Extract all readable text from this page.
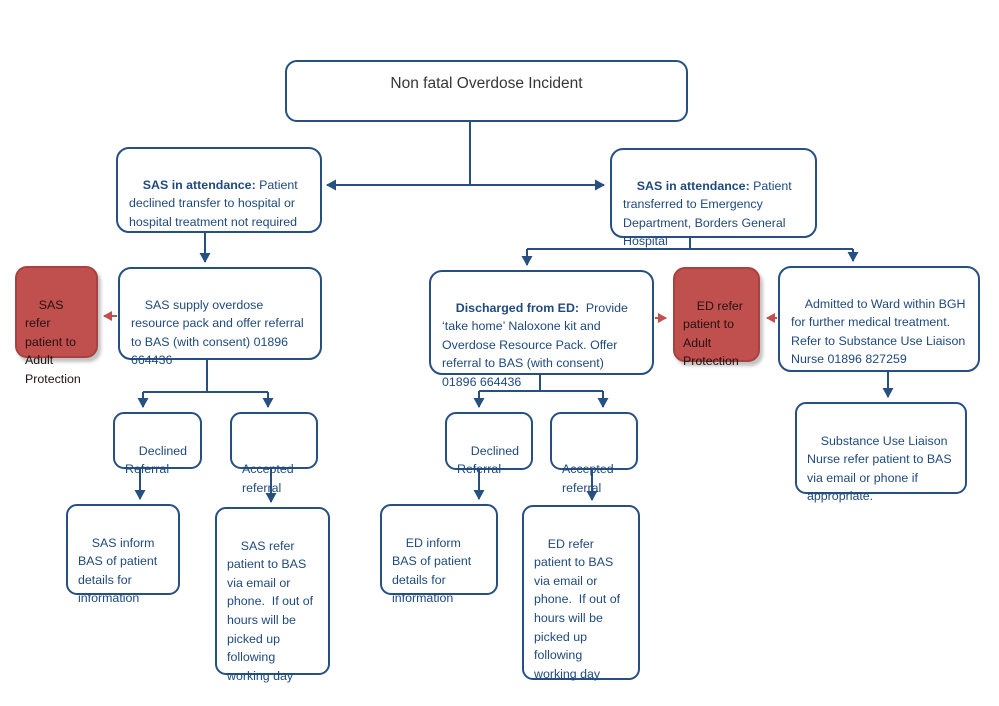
Non fatal Overdose Incident

SAS in attendance: Patient declined transfer to hospital or hospital treatment not required

SAS in attendance: Patient transferred to Emergency Department, Borders General Hospital

SAS refer patient to Adult Protection

SAS supply overdose resource pack and offer referral to BAS (with consent) 01896 664436

Discharged from ED:  Provide ‘take home’ Naloxone kit and Overdose Resource Pack. Offer referral to BAS (with consent) 01896 664436

ED refer patient to Adult Protection

Admitted to Ward within BGH for further medical treatment. Refer to Substance Use Liaison Nurse 01896 827259

Declined Referral
	Accepted referral

Declined Referral
	Accepted referral

SAS inform BAS of patient details for information

SAS refer patient to BAS via email or phone.  If out of hours will be picked up following working day

ED inform BAS of patient details for information

ED refer patient to BAS via email or phone.  If out of hours will be picked up following working day

Substance Use Liaison Nurse refer patient to BAS via email or phone if appropriate.
